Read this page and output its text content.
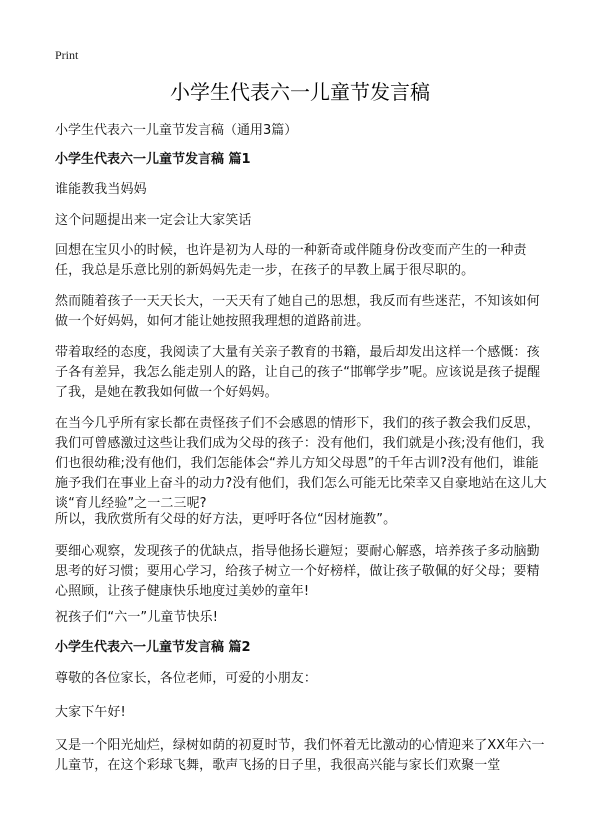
Print
小学生代表六一儿童节发言稿
小学生代表六一儿童节发言稿（通用3篇）
小学生代表六一儿童节发言稿 篇1

谁能教我当妈妈

这个问题提出来一定会让大家笑话

回想在宝贝小的时候，也许是初为人母的一种新奇或伴随身份改变而产生的一种责任，我总是乐意比别的新妈妈先走一步，在孩子的早教上属于很尽职的。

然而随着孩子一天天长大，一天天有了她自己的思想，我反而有些迷茫，不知该如何做一个好妈妈，如何才能让她按照我理想的道路前进。

带着取经的态度，我阅读了大量有关亲子教育的书籍，最后却发出这样一个感慨：孩子各有差异，我怎么能走别人的路，让自己的孩子“邯郸学步”呢。应该说是孩子提醒了我，是她在教我如何做一个好妈妈。

在当今几乎所有家长都在责怪孩子们不会感恩的情形下，我们的孩子教会我们反思，我们可曾感激过这些让我们成为父母的孩子：没有他们，我们就是小孩;没有他们，我们也很幼稚;没有他们，我们怎能体会“养儿方知父母恩”的千年古训?没有他们，谁能施予我们在事业上奋斗的动力?没有他们，我们怎么可能无比荣幸又自豪地站在这儿大谈“育儿经验”之一二三呢?

所以，我欣赏所有父母的好方法，更呼吁各位“因材施教”。

要细心观察，发现孩子的优缺点，指导他扬长避短；要耐心解惑，培养孩子多动脑勤思考的好习惯；要用心学习，给孩子树立一个好榜样，做让孩子敬佩的好父母；要精心照顾，让孩子健康快乐地度过美妙的童年!

祝孩子们“六一”儿童节快乐!

小学生代表六一儿童节发言稿 篇2

尊敬的各位家长，各位老师，可爱的小朋友：

大家下午好!

又是一个阳光灿烂，绿树如荫的初夏时节，我们怀着无比激动的心情迎来了XX年六一儿童节，在这个彩球飞舞，歌声飞扬的日子里，我很高兴能与家长们欢聚一堂
